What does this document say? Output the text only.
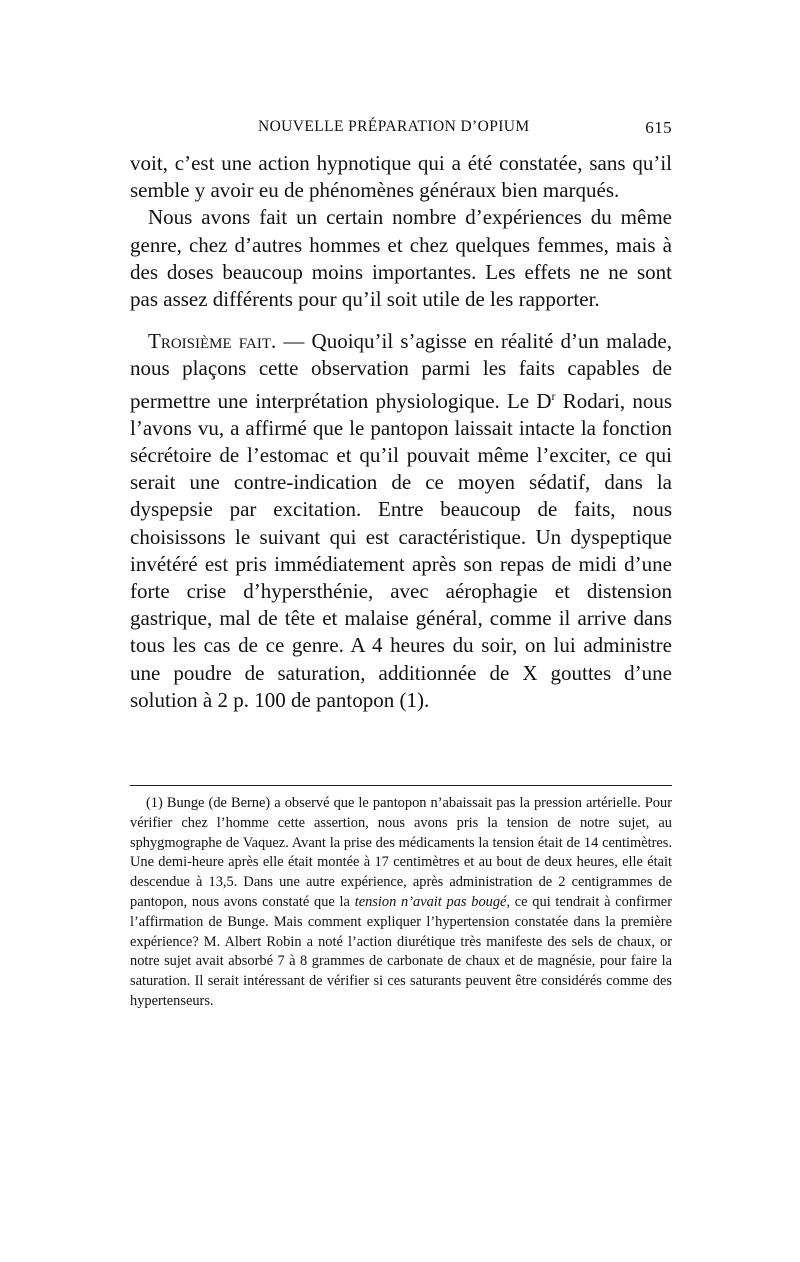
NOUVELLE PRÉPARATION D’OPIUM	615

voit, c’est une action hypnotique qui a été constatée, sans qu’il semble y avoir eu de phénomènes généraux bien marqués.

Nous avons fait un certain nombre d’expériences du même genre, chez d’autres hommes et chez quelques femmes, mais à des doses beaucoup moins importantes. Les effets ne ne sont pas assez différents pour qu’il soit utile de les rapporter.

Troisième fait. — Quoiqu’il s’agisse en réalité d’un malade, nous plaçons cette observation parmi les faits capables de permettre une interprétation physiologique. Le $D^r$ Rodari, nous l’avons vu, a affirmé que le pantopon laissait intacte la fonction sécrétoire de l’estomac et qu’il pouvait même l’exciter, ce qui serait une contre-indication de ce moyen sédatif, dans la dyspepsie par excitation. Entre beaucoup de faits, nous choisissons le suivant qui est caractéristique. Un dyspeptique invétéré est pris immédiatement après son repas de midi d’une forte crise d’hypersthénie, avec aérophagie et distension gastrique, mal de tête et malaise général, comme il arrive dans tous les cas de ce genre. A 4 heures du soir, on lui administre une poudre de saturation, additionnée de X gouttes d’une solution à 2 p. 100 de pantopon (1).

(1) Bunge (de Berne) a observé que le pantopon n’abaissait pas la pression artérielle. Pour vérifier chez l’homme cette assertion, nous avons pris la tension de notre sujet, au sphygmographe de Vaquez. Avant la prise des médicaments la tension était de 14 centimètres. Une demi-heure après elle était montée à 17 centimètres et au bout de deux heures, elle était descendue à 13,5. Dans une autre expérience, après administration de 2 centigrammes de pantopon, nous avons constaté que la tension n’avait pas bougé, ce qui tendrait à confirmer l’affirmation de Bunge. Mais comment expliquer l’hypertension constatée dans la première expérience? M. Albert Robin a noté l’action diurétique très manifeste des sels de chaux, or notre sujet avait absorbé 7 à 8 grammes de carbonate de chaux et de magnésie, pour faire la saturation. Il serait intéressant de vérifier si ces saturants peuvent être considérés comme des hypertenseurs.
